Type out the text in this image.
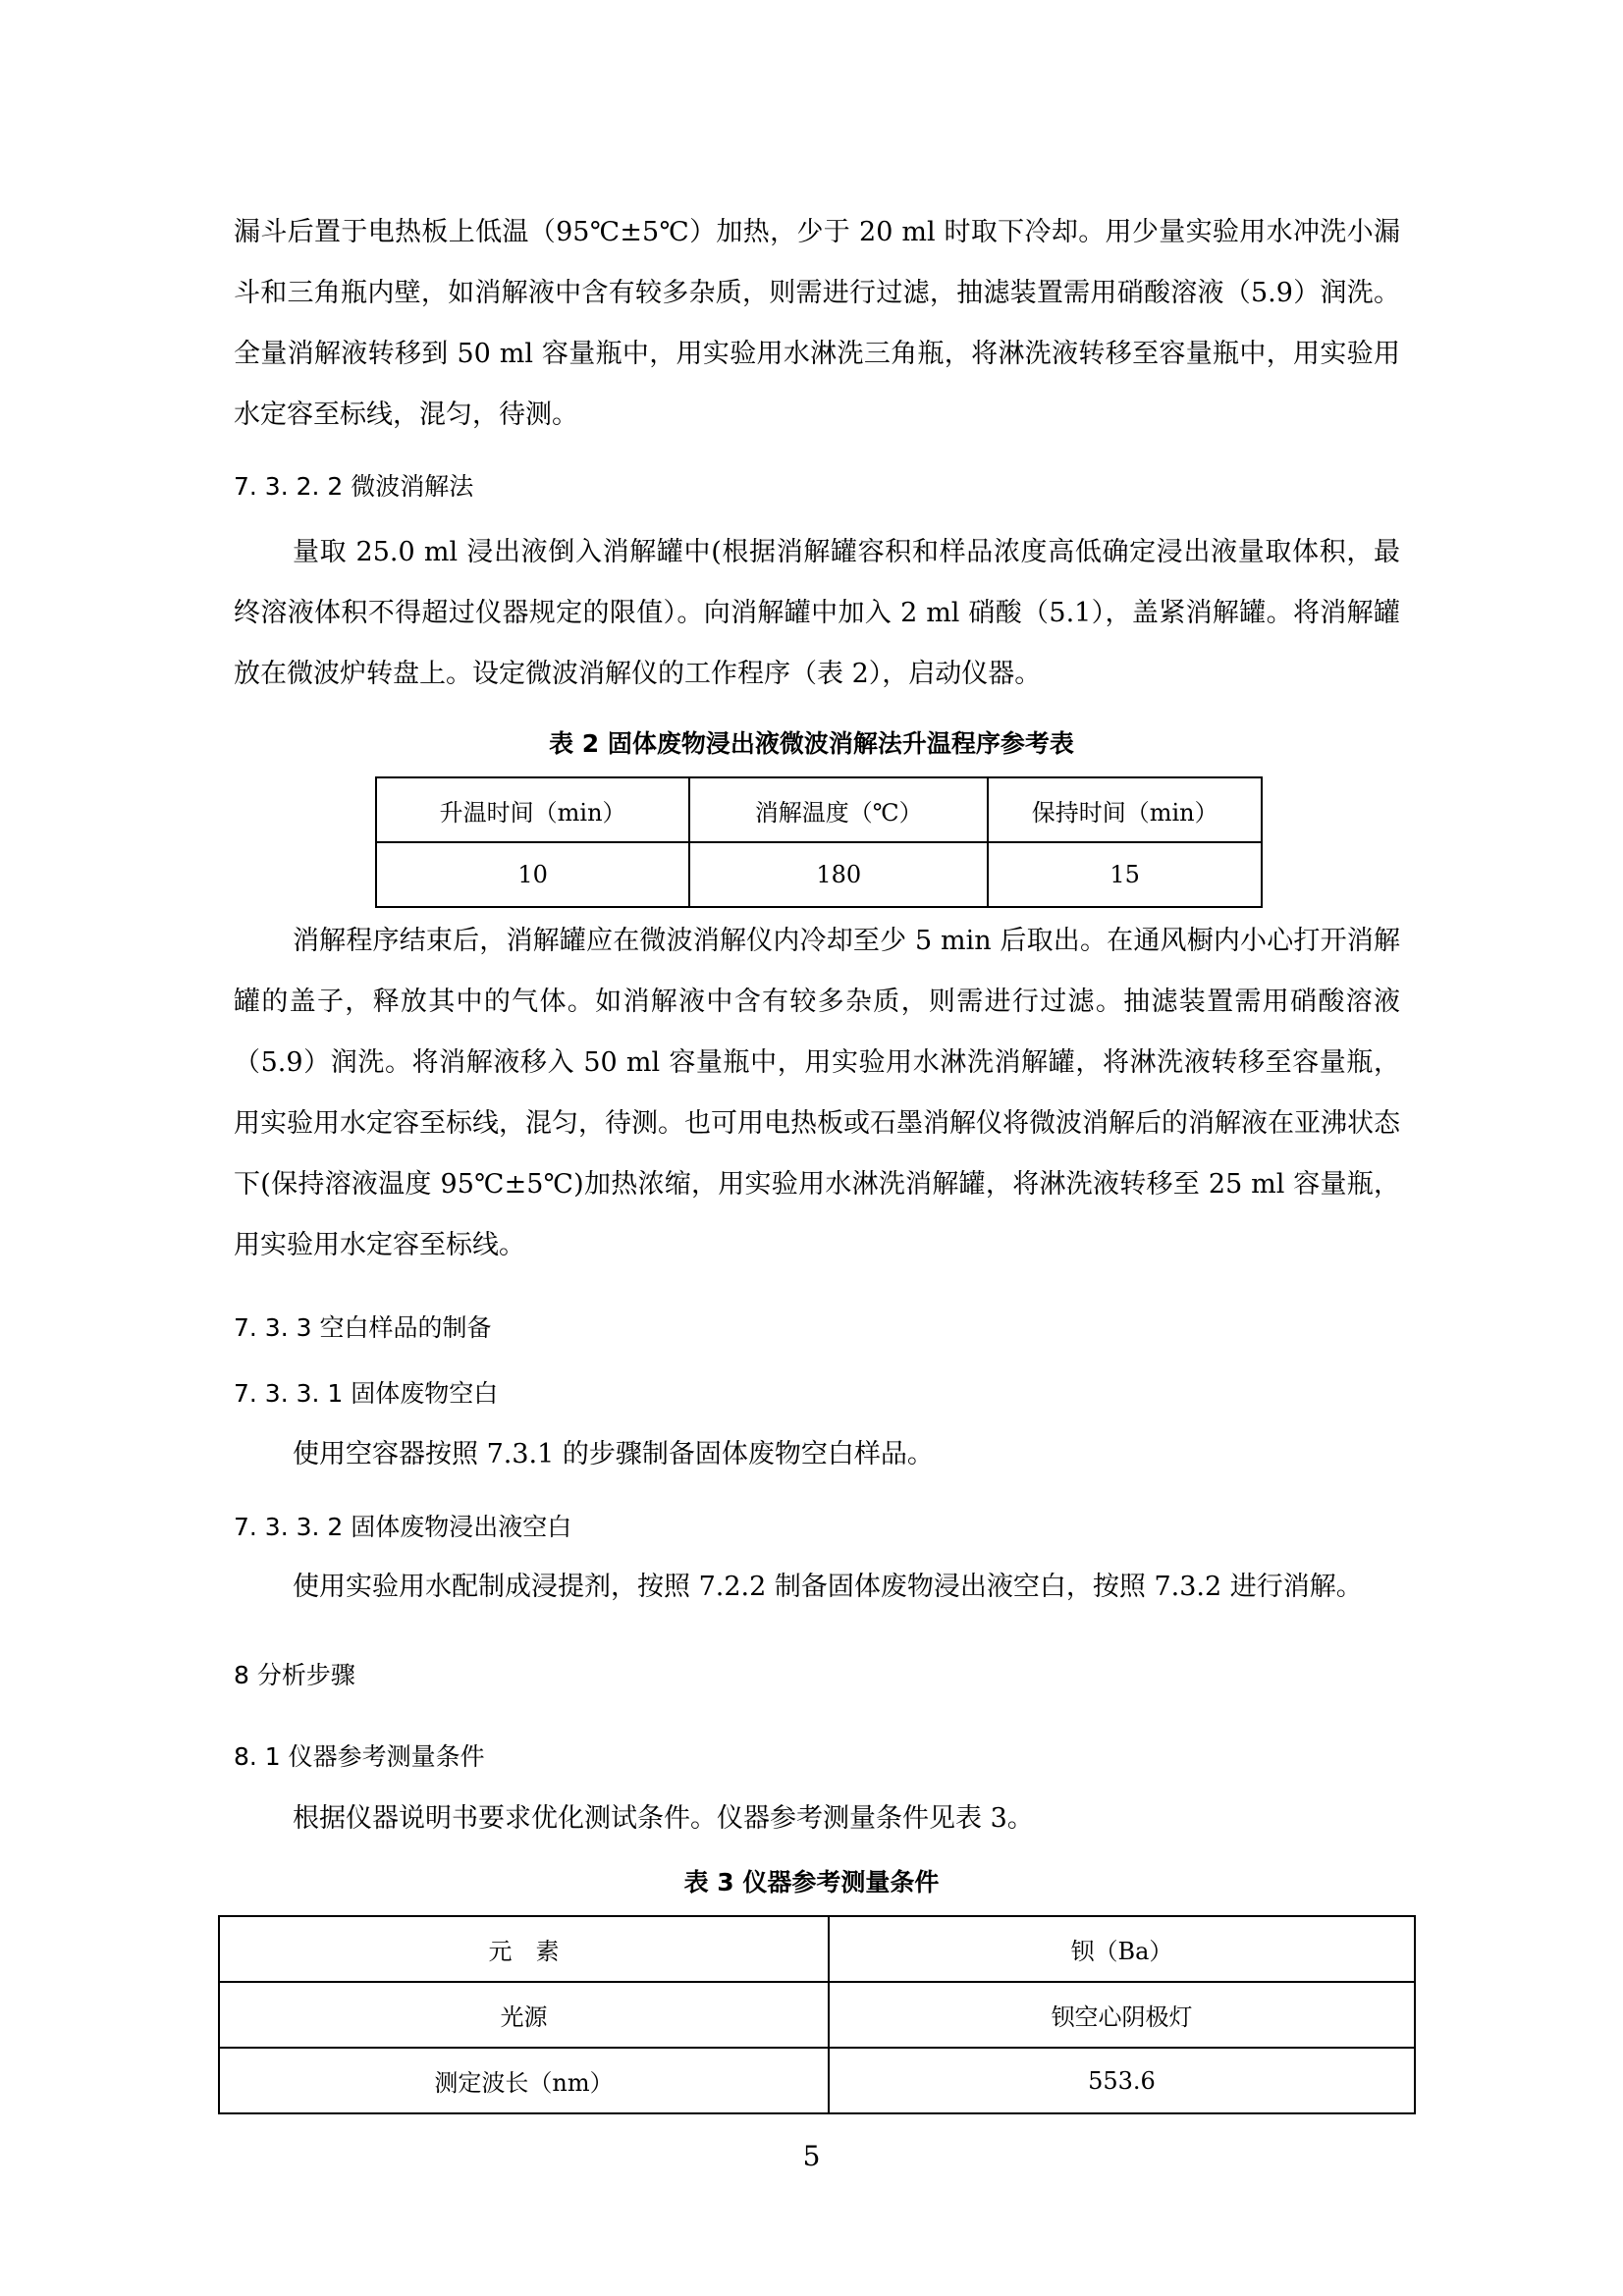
漏斗后置于电热板上低温（95℃±5℃）加热，少于 20 ml 时取下冷却。用少量实验用水冲洗小漏斗和三角瓶内壁，如消解液中含有较多杂质，则需进行过滤，抽滤装置需用硝酸溶液（5.9）润洗。全量消解液转移到 50 ml 容量瓶中，用实验用水淋洗三角瓶，将淋洗液转移至容量瓶中，用实验用水定容至标线，混匀，待测。

7. 3. 2. 2 微波消解法

量取 25.0 ml 浸出液倒入消解罐中(根据消解罐容积和样品浓度高低确定浸出液量取体积，最终溶液体积不得超过仪器规定的限值）。向消解罐中加入 2 ml 硝酸（5.1），盖紧消解罐。将消解罐放在微波炉转盘上。设定微波消解仪的工作程序（表 2），启动仪器。

表 2 固体废物浸出液微波消解法升温程序参考表
升温时间（min）	消解温度（℃）	保持时间（min）
10	180	15

消解程序结束后，消解罐应在微波消解仪内冷却至少 5 min 后取出。在通风橱内小心打开消解罐的盖子，释放其中的气体。如消解液中含有较多杂质，则需进行过滤。抽滤装置需用硝酸溶液（5.9）润洗。将消解液移入 50 ml 容量瓶中，用实验用水淋洗消解罐，将淋洗液转移至容量瓶，用实验用水定容至标线，混匀，待测。也可用电热板或石墨消解仪将微波消解后的消解液在亚沸状态下(保持溶液温度 95℃±5℃)加热浓缩，用实验用水淋洗消解罐，将淋洗液转移至 25 ml 容量瓶，用实验用水定容至标线。

7. 3. 3 空白样品的制备
7. 3. 3. 1 固体废物空白

使用空容器按照 7.3.1 的步骤制备固体废物空白样品。

7. 3. 3. 2 固体废物浸出液空白

使用实验用水配制成浸提剂，按照 7.2.2 制备固体废物浸出液空白，按照 7.3.2 进行消解。

8 分析步骤
8. 1 仪器参考测量条件

根据仪器说明书要求优化测试条件。仪器参考测量条件见表 3。

表 3 仪器参考测量条件
元　素	钡（Ba）
光源	钡空心阴极灯
测定波长（nm）	553.6
5
